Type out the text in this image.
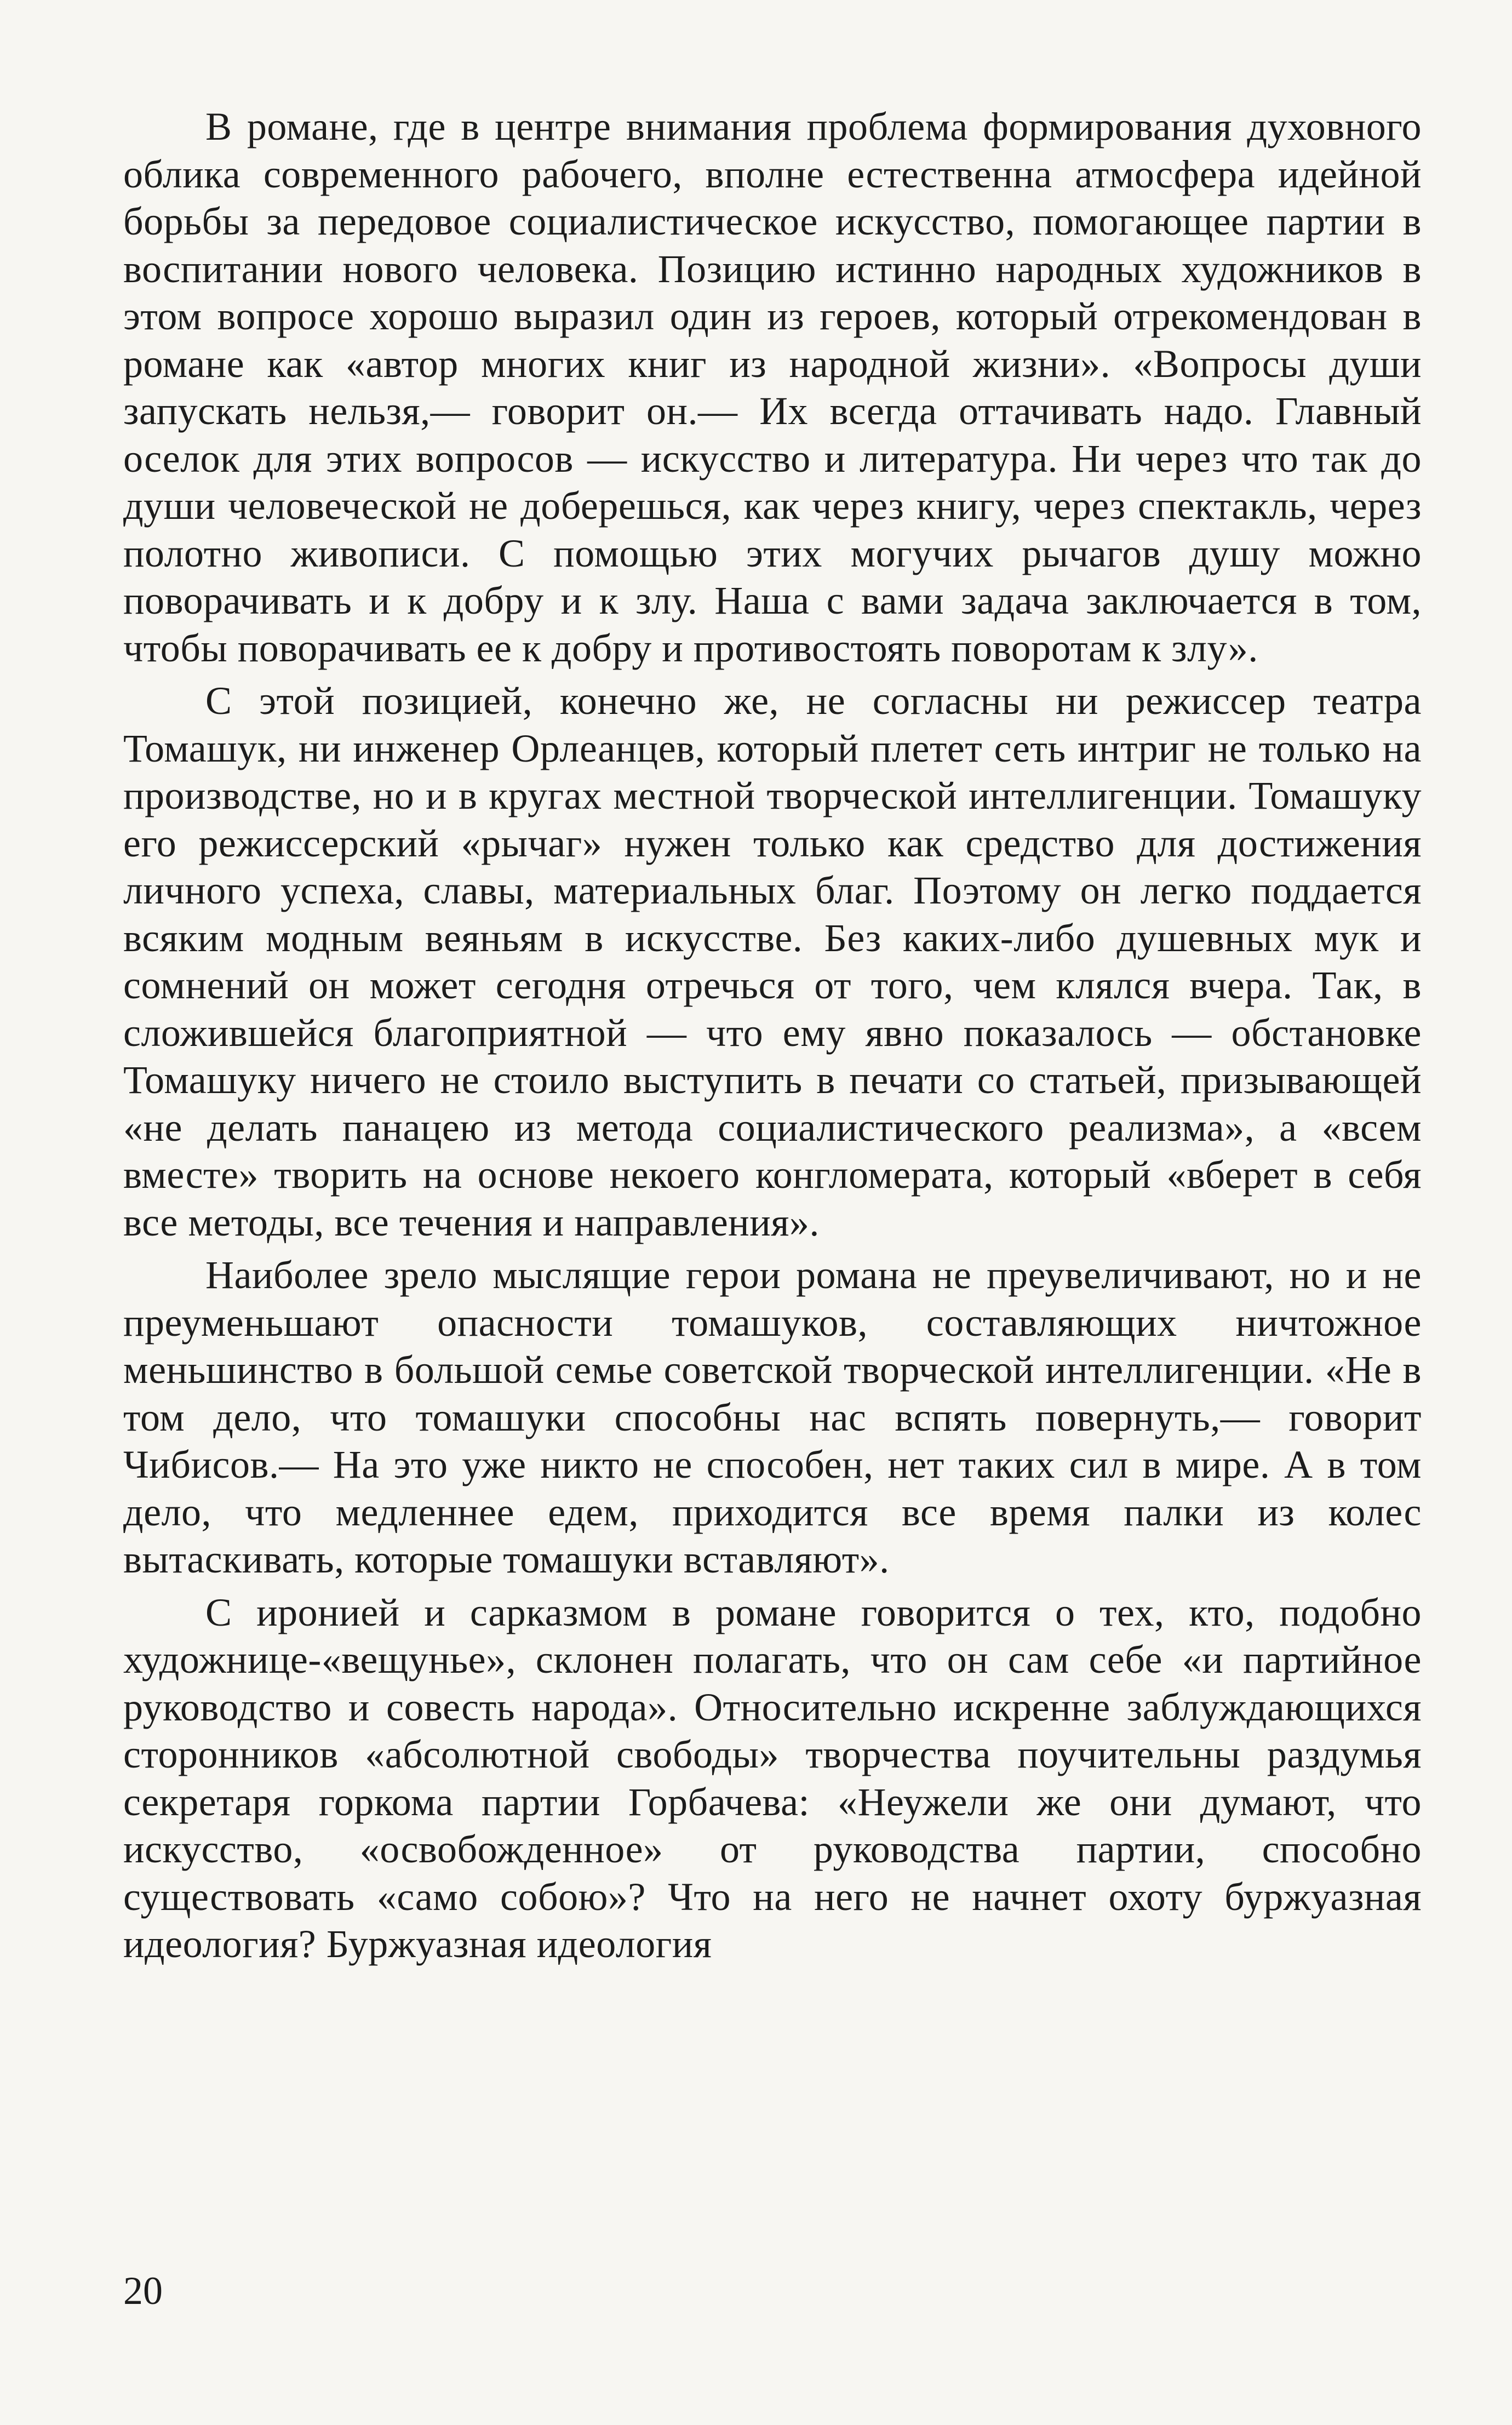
В романе, где в центре внимания проблема формирования духовного облика современного рабочего, вполне естественна атмосфера идейной борьбы за передовое социалистическое искусство, помогающее партии в воспитании нового человека. Позицию истинно народных художников в этом вопросе хорошо выразил один из героев, который отрекомендован в романе как «автор многих книг из народной жизни». «Вопросы души запускать нельзя,— говорит он.— Их всегда оттачивать надо. Главный оселок для этих вопросов — искусство и литература. Ни через что так до души человеческой не доберешься, как через книгу, через спектакль, через полотно живописи. С помощью этих могучих рычагов душу можно поворачивать и к добру и к злу. Наша с вами задача заключается в том, чтобы поворачивать ее к добру и противостоять поворотам к злу».

С этой позицией, конечно же, не согласны ни режиссер театра Томашук, ни инженер Орлеанцев, который плетет сеть интриг не только на производстве, но и в кругах местной творческой интеллигенции. Томашуку его режиссерский «рычаг» нужен только как средство для достижения личного успеха, славы, материальных благ. Поэтому он легко поддается всяким модным веяньям в искусстве. Без каких-либо душевных мук и сомнений он может сегодня отречься от того, чем клялся вчера. Так, в сложившейся благоприятной — что ему явно показалось — обстановке Томашуку ничего не стоило выступить в печати со статьей, призывающей «не делать панацею из метода социалистического реализма», а «всем вместе» творить на основе некоего конгломерата, который «вберет в себя все методы, все течения и направления».

Наиболее зрело мыслящие герои романа не преувеличивают, но и не преуменьшают опасности томашуков, составляющих ничтожное меньшинство в большой семье советской творческой интеллигенции. «Не в том дело, что томашуки способны нас вспять повернуть,— говорит Чибисов.— На это уже никто не способен, нет таких сил в мире. А в том дело, что медленнее едем, приходится все время палки из колес вытаскивать, которые томашуки вставляют».

С иронией и сарказмом в романе говорится о тех, кто, подобно художнице-«вещунье», склонен полагать, что он сам себе «и партийное руководство и совесть народа». Относительно искренне заблуждающихся сторонников «абсолютной свободы» творчества поучительны раздумья секретаря горкома партии Горбачева: «Неужели же они думают, что искусство, «освобожденное» от руководства партии, способно существовать «само собою»? Что на него не начнет охоту буржуазная идеология? Буржуазная идеология

20
